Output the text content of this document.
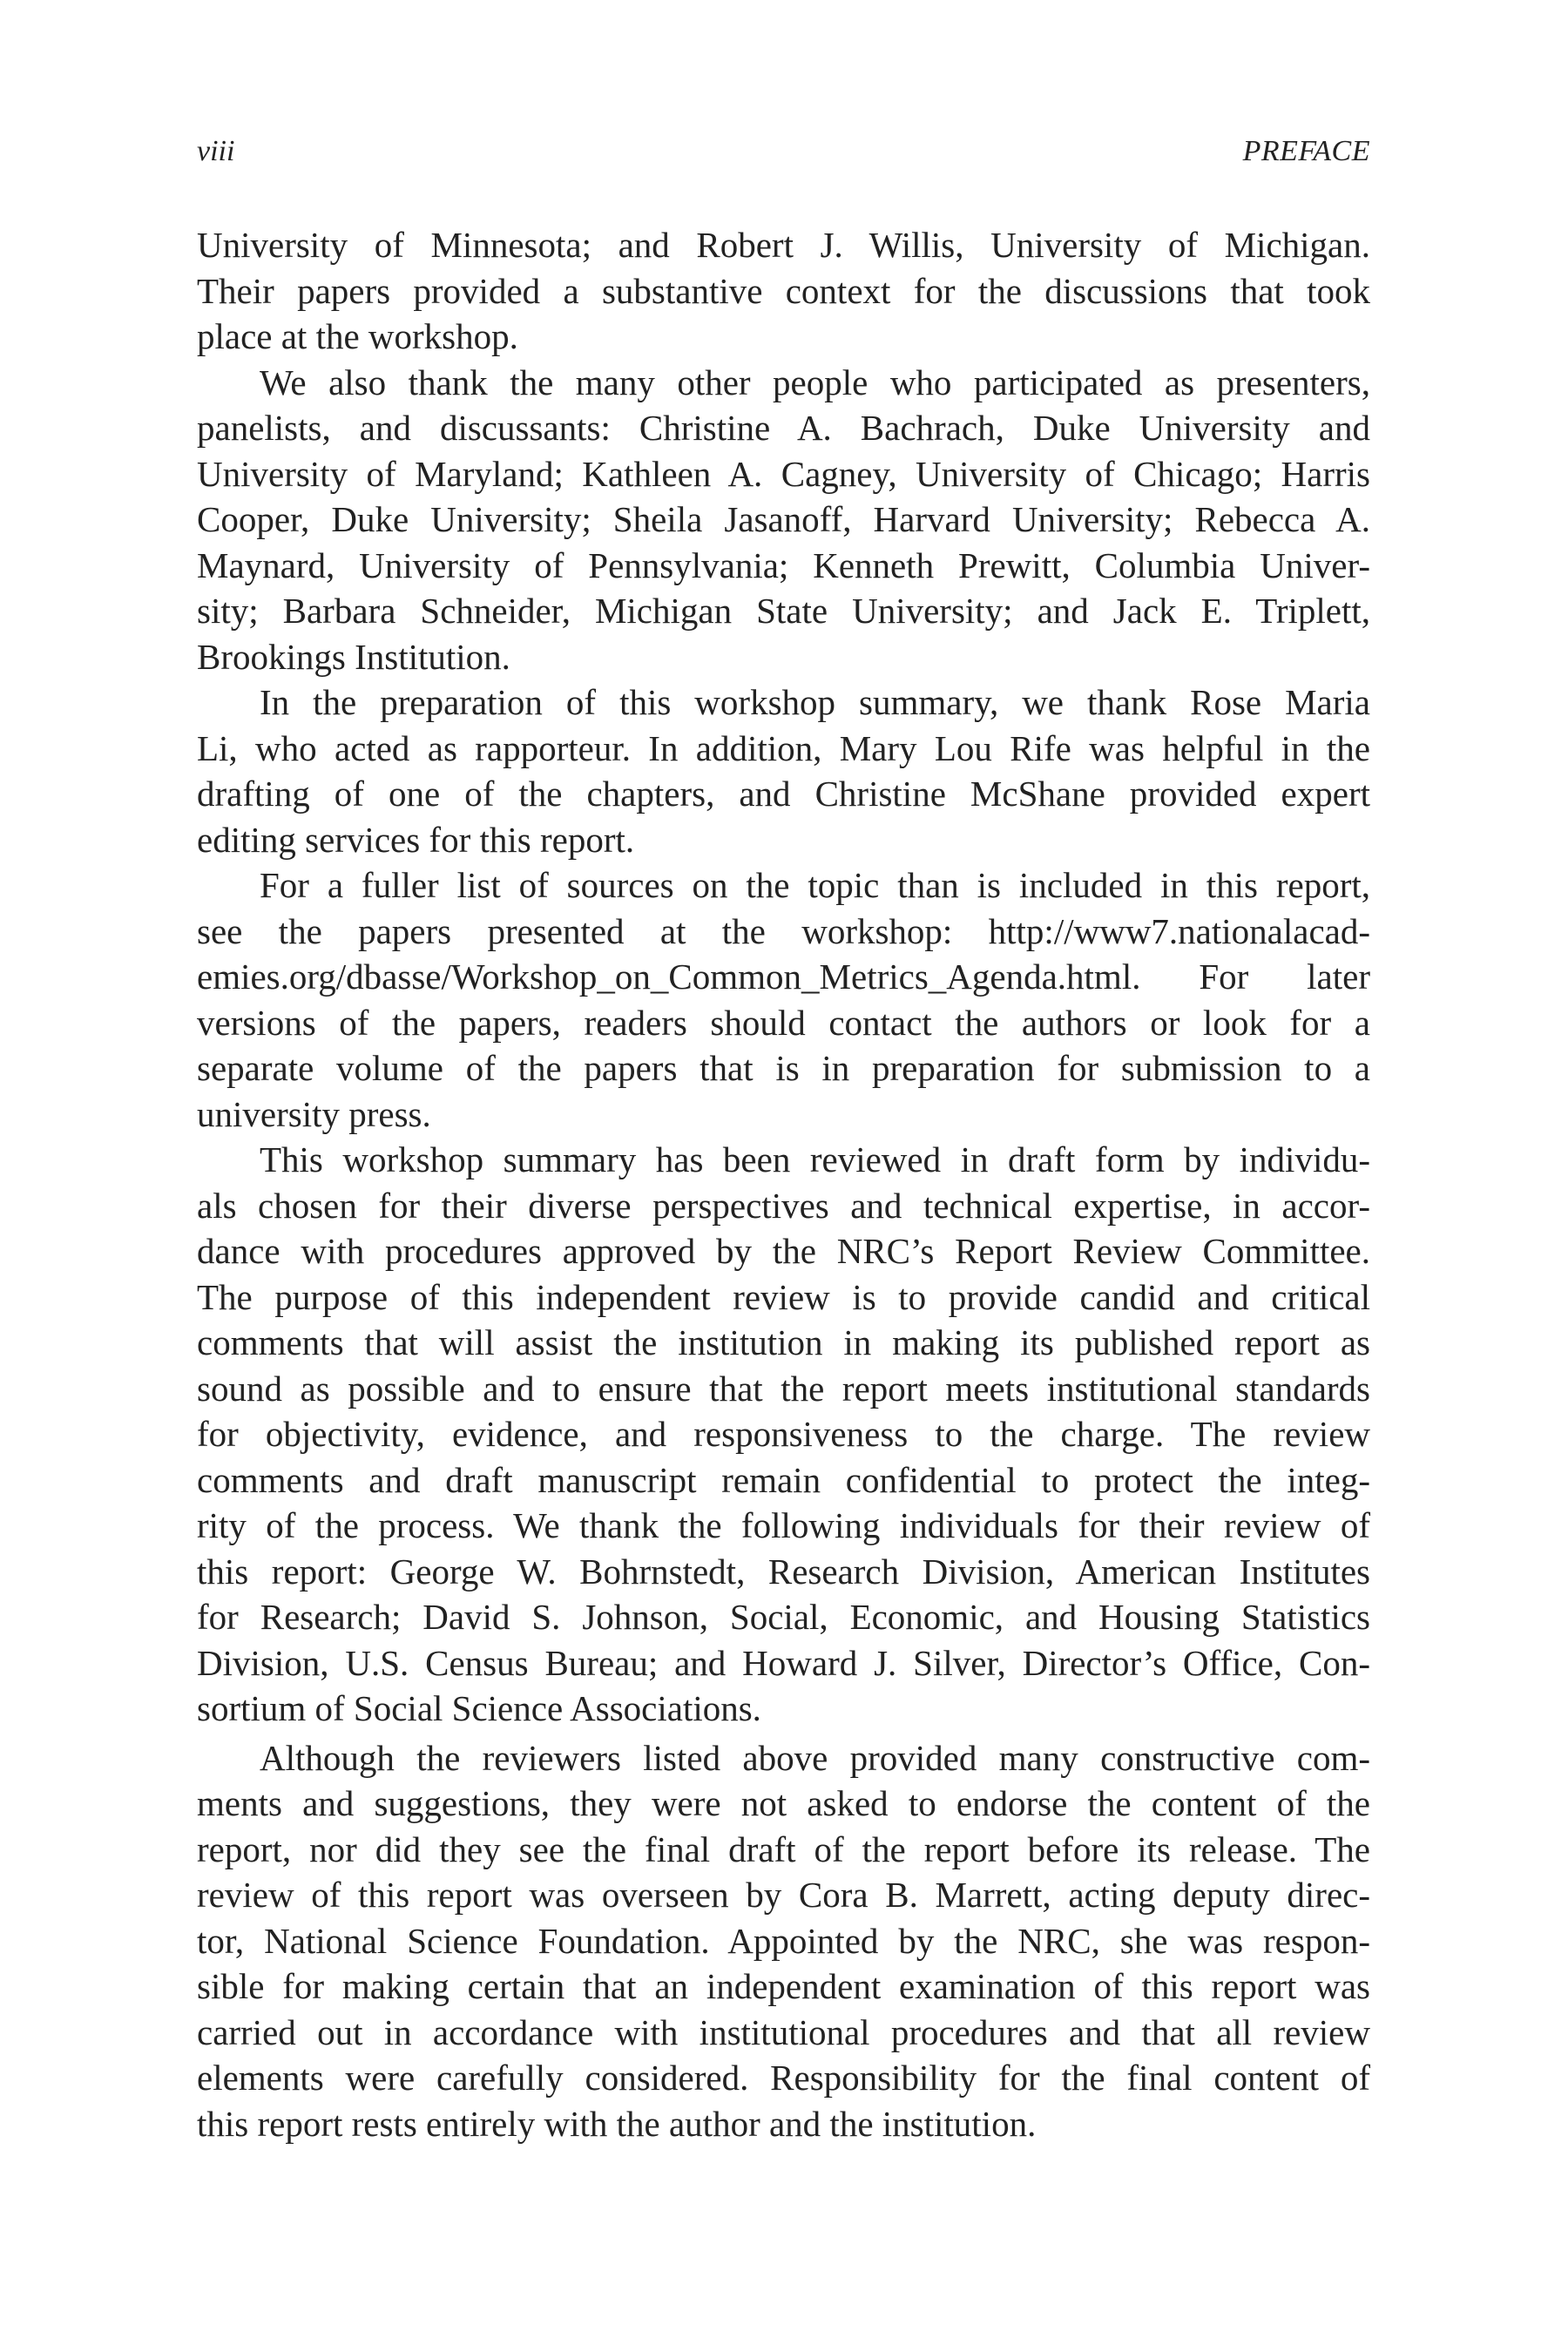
viii	PREFACE
University of Minnesota; and Robert J. Willis, University of Michigan.
Their papers provided a substantive context for the discussions that took
place at the workshop.
We also thank the many other people who participated as presenters,
panelists, and discussants: Christine A. Bachrach, Duke University and
University of Maryland; Kathleen A. Cagney, University of Chicago; Harris
Cooper, Duke University; Sheila Jasanoff, Harvard University; Rebecca A.
Maynard, University of Pennsylvania; Kenneth Prewitt, Columbia Univer-
sity; Barbara Schneider, Michigan State University; and Jack E. Triplett,
Brookings Institution.
In the preparation of this workshop summary, we thank Rose Maria
Li, who acted as rapporteur. In addition, Mary Lou Rife was helpful in the
drafting of one of the chapters, and Christine McShane provided expert
editing services for this report.
For a fuller list of sources on the topic than is included in this report,
see the papers presented at the workshop: http://www7.nationalacad-
emies.org/dbasse/Workshop_on_Common_Metrics_Agenda.html. For later
versions of the papers, readers should contact the authors or look for a
separate volume of the papers that is in preparation for submission to a
university press.
This workshop summary has been reviewed in draft form by individu-
als chosen for their diverse perspectives and technical expertise, in accor-
dance with procedures approved by the NRC’s Report Review Committee.
The purpose of this independent review is to provide candid and critical
comments that will assist the institution in making its published report as
sound as possible and to ensure that the report meets institutional standards
for objectivity, evidence, and responsiveness to the charge. The review
comments and draft manuscript remain confidential to protect the integ-
rity of the process. We thank the following individuals for their review of
this report: George W. Bohrnstedt, Research Division, American Institutes
for Research; David S. Johnson, Social, Economic, and Housing Statistics
Division, U.S. Census Bureau; and Howard J. Silver, Director’s Office, Con-
sortium of Social Science Associations.
Although the reviewers listed above provided many constructive com-
ments and suggestions, they were not asked to endorse the content of the
report, nor did they see the final draft of the report before its release. The
review of this report was overseen by Cora B. Marrett, acting deputy direc-
tor, National Science Foundation. Appointed by the NRC, she was respon-
sible for making certain that an independent examination of this report was
carried out in accordance with institutional procedures and that all review
elements were carefully considered. Responsibility for the final content of
this report rests entirely with the author and the institution.
